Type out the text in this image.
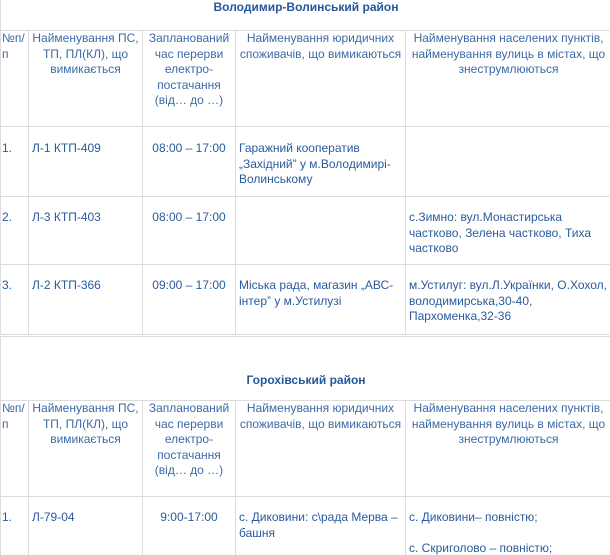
Володимир-Волинський район				
№п/п	Найменування ПС, ТП, ПЛ(КЛ), що вимикається	Запланований час перерви електро-постачання (від… до …)	Найменування юридичних споживачів, що вимикаються	Найменування населених пунктів, найменування вулиць в містах, що знеструмлюються
1.	Л-1 КТП-409	08:00 – 17:00	Гаражний кооператив „Західний” у м.Володимирі-Волинському	
2.	Л-3 КТП-403	08:00 – 17:00		с.Зимно: вул.Монастирська частково, Зелена частково, Тиха частково
3.	Л-2 КТП-366	09:00 – 17:00	Міська рада, магазин „АВС-інтер” у м.Устилузі	м.Устилуг: вул.Л.Українки, О.Хохол, володимирська,30-40, Пархоменка,32-36
Горохівський район				
№п/п	Найменування ПС, ТП, ПЛ(КЛ), що вимикається	Запланований час перерви електро-постачання (від… до …)	Найменування юридичних споживачів, що вимикаються	Найменування населених пунктів, найменування вулиць в містах, що знеструмлюються
1.	Л-79-04	9:00-17:00	с. Диковини: с\рада Мерва – башня	с. Диковини– повністю;
с. Скриголово – повністю;
